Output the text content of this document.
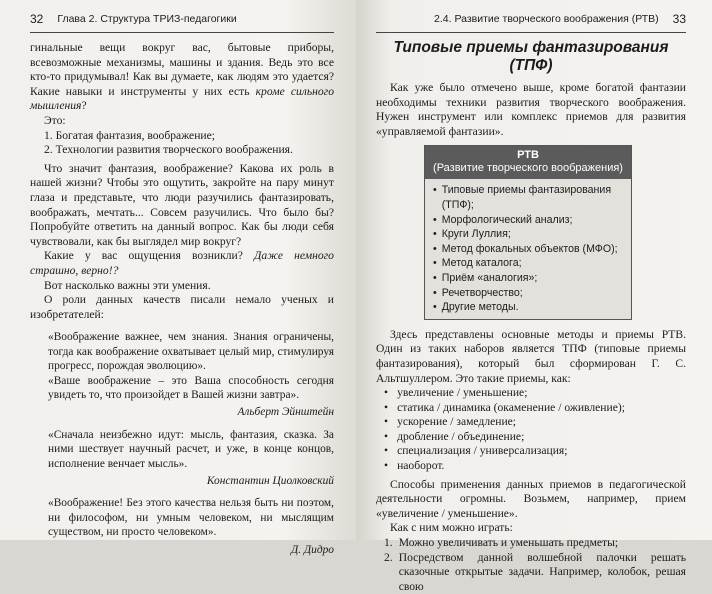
32 Глава 2. Структура ТРИЗ-педагогики

гинальные вещи вокруг вас, бытовые приборы, всевозможные механизмы, машины и здания. Ведь это все кто-то придумывал! Как вы думаете, как людям это удается? Какие навыки и инструменты у них есть кроме сильного мышления?

Это:

1. Богатая фантазия, воображение;
2. Технологии развития творческого воображения.

Что значит фантазия, воображение? Какова их роль в нашей жизни? Чтобы это ощутить, закройте на пару минут глаза и представьте, что люди разучились фантазировать, воображать, мечтать... Совсем разучились. Что было бы? Попробуйте ответить на данный вопрос. Как бы люди себя чувствовали, как бы выглядел мир вокруг?

Какие у вас ощущения возникли? Даже немного страшно, верно!?

Вот насколько важны эти умения.

О роли данных качеств писали немало ученых и изобретателей:

«Воображение важнее, чем знания. Знания ограничены, тогда как воображение охватывает целый мир, стимулируя прогресс, порождая эволюцию».

«Ваше воображение – это Ваша способность сегодня увидеть то, что произойдет в Вашей жизни завтра».

Альберт Эйнштейн

«Сначала неизбежно идут: мысль, фантазия, сказка. За ними шествует научный расчет, и уже, в конце концов, исполнение венчает мысль».

Константин Циолковский

«Воображение! Без этого качества нельзя быть ни поэтом, ни философом, ни умным человеком, ни мыслящим существом, ни просто человеком».

Д. Дидро

2.4. Развитие творческого воображения (РТВ) 33
Типовые приемы фантазирования (ТПФ)

Как уже было отмечено выше, кроме богатой фантазии необходимы техники развития творческого воображения. Нужен инструмент или комплекс приемов для развития «управляемой фантазии».

РТВ
(Развитие творческого воображения)
• Типовые приемы фантазирования (ТПФ);
• Морфологический анализ;
• Круги Луллия;
• Метод фокальных объектов (МФО);
• Метод каталога;
• Приём «аналогия»;
• Речетворчество;
• Другие методы.

Здесь представлены основные методы и приемы РТВ. Один из таких наборов является ТПФ (типовые приемы фантазирования), который был сформирован Г. С. Альтшуллером. Это такие приемы, как:

• увеличение / уменьшение;
• статика / динамика (окаменение / оживление);
• ускорение / замедление;
• дробление / объединение;
• специализация / универсализация;
• наоборот.

Способы применения данных приемов в педагогической деятельности огромны. Возьмем, например, прием «увеличение / уменьшение».

Как с ним можно играть:

1. Можно увеличивать и уменьшать предметы;
2. Посредством данной волшебной палочки решать сказочные открытые задачи. Например, колобок, решая свою
